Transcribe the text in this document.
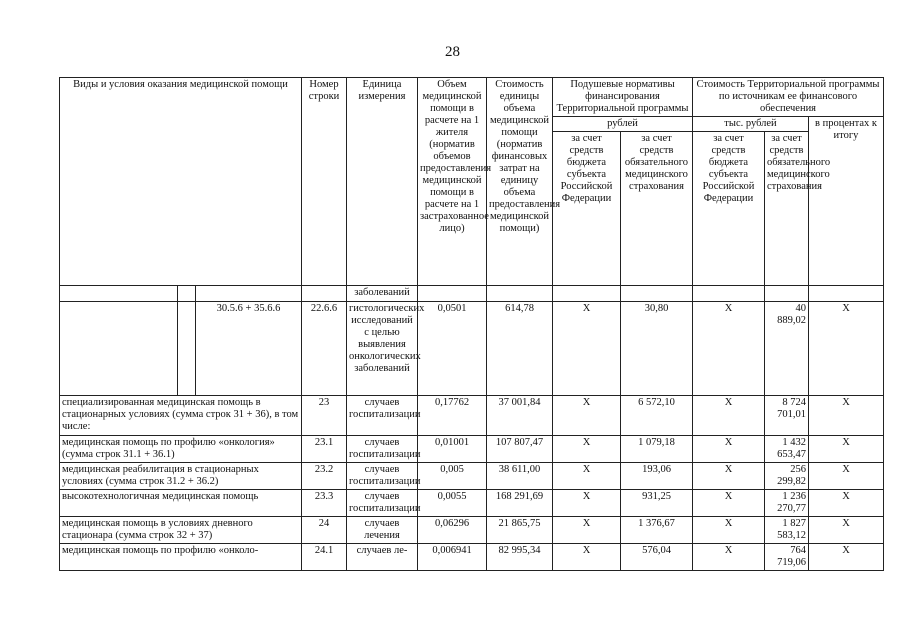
28
Виды и условия оказания медицинской помощи			Номер строки	Единица измерения	Объем медицинской помощи в расчете на 1 жителя (норматив объемов предоставления медицинской помощи в расчете на 1 застрахованное лицо)	Стоимость единицы объема медицинской помощи (норматив финансовых затрат на единицу объема предоставления медицинской помощи)	Подушевые нормативы финансирования Территориальной программы		Стоимость Территориальной программы по источникам ее финансового обеспечения		
							рублей		тыс. рублей		в процентах к итогу
							за счет средств бюджета субъекта Российской Федерации	за счет средств обязательного медицинского страхования	за счет средств бюджета субъекта Российской Федерации	за счет средств обязательного медицинского страхования	
				заболеваний							
		30.5.6 + 35.6.6	22.6.6	гистологических исследований с целью выявления онкологических заболеваний	0,0501	614,78	Х	30,80	Х	40 889,02	Х
специализированная медицинская помощь в стационарных условиях (сумма строк 31 + 36), в том числе:			23	случаев госпитализации	0,17762	37 001,84	Х	6 572,10	Х	8 724 701,01	Х
медицинская помощь по профилю «онкология» (сумма строк 31.1 + 36.1)			23.1	случаев госпитализации	0,01001	107 807,47	Х	1 079,18	Х	1 432 653,47	Х
медицинская реабилитация в стационарных условиях (сумма строк 31.2 + 36.2)			23.2	случаев госпитализации	0,005	38 611,00	Х	193,06	Х	256 299,82	Х
высокотехнологичная медицинская помощь			23.3	случаев госпитализации	0,0055	168 291,69	Х	931,25	Х	1 236 270,77	Х
медицинская помощь в условиях дневного стационара (сумма строк 32 + 37)			24	случаев лечения	0,06296	21 865,75	Х	1 376,67	Х	1 827 583,12	Х
медицинская помощь по профилю «онколо-			24.1	случаев ле-	0,006941	82 995,34	Х	576,04	Х	764 719,06	Х
